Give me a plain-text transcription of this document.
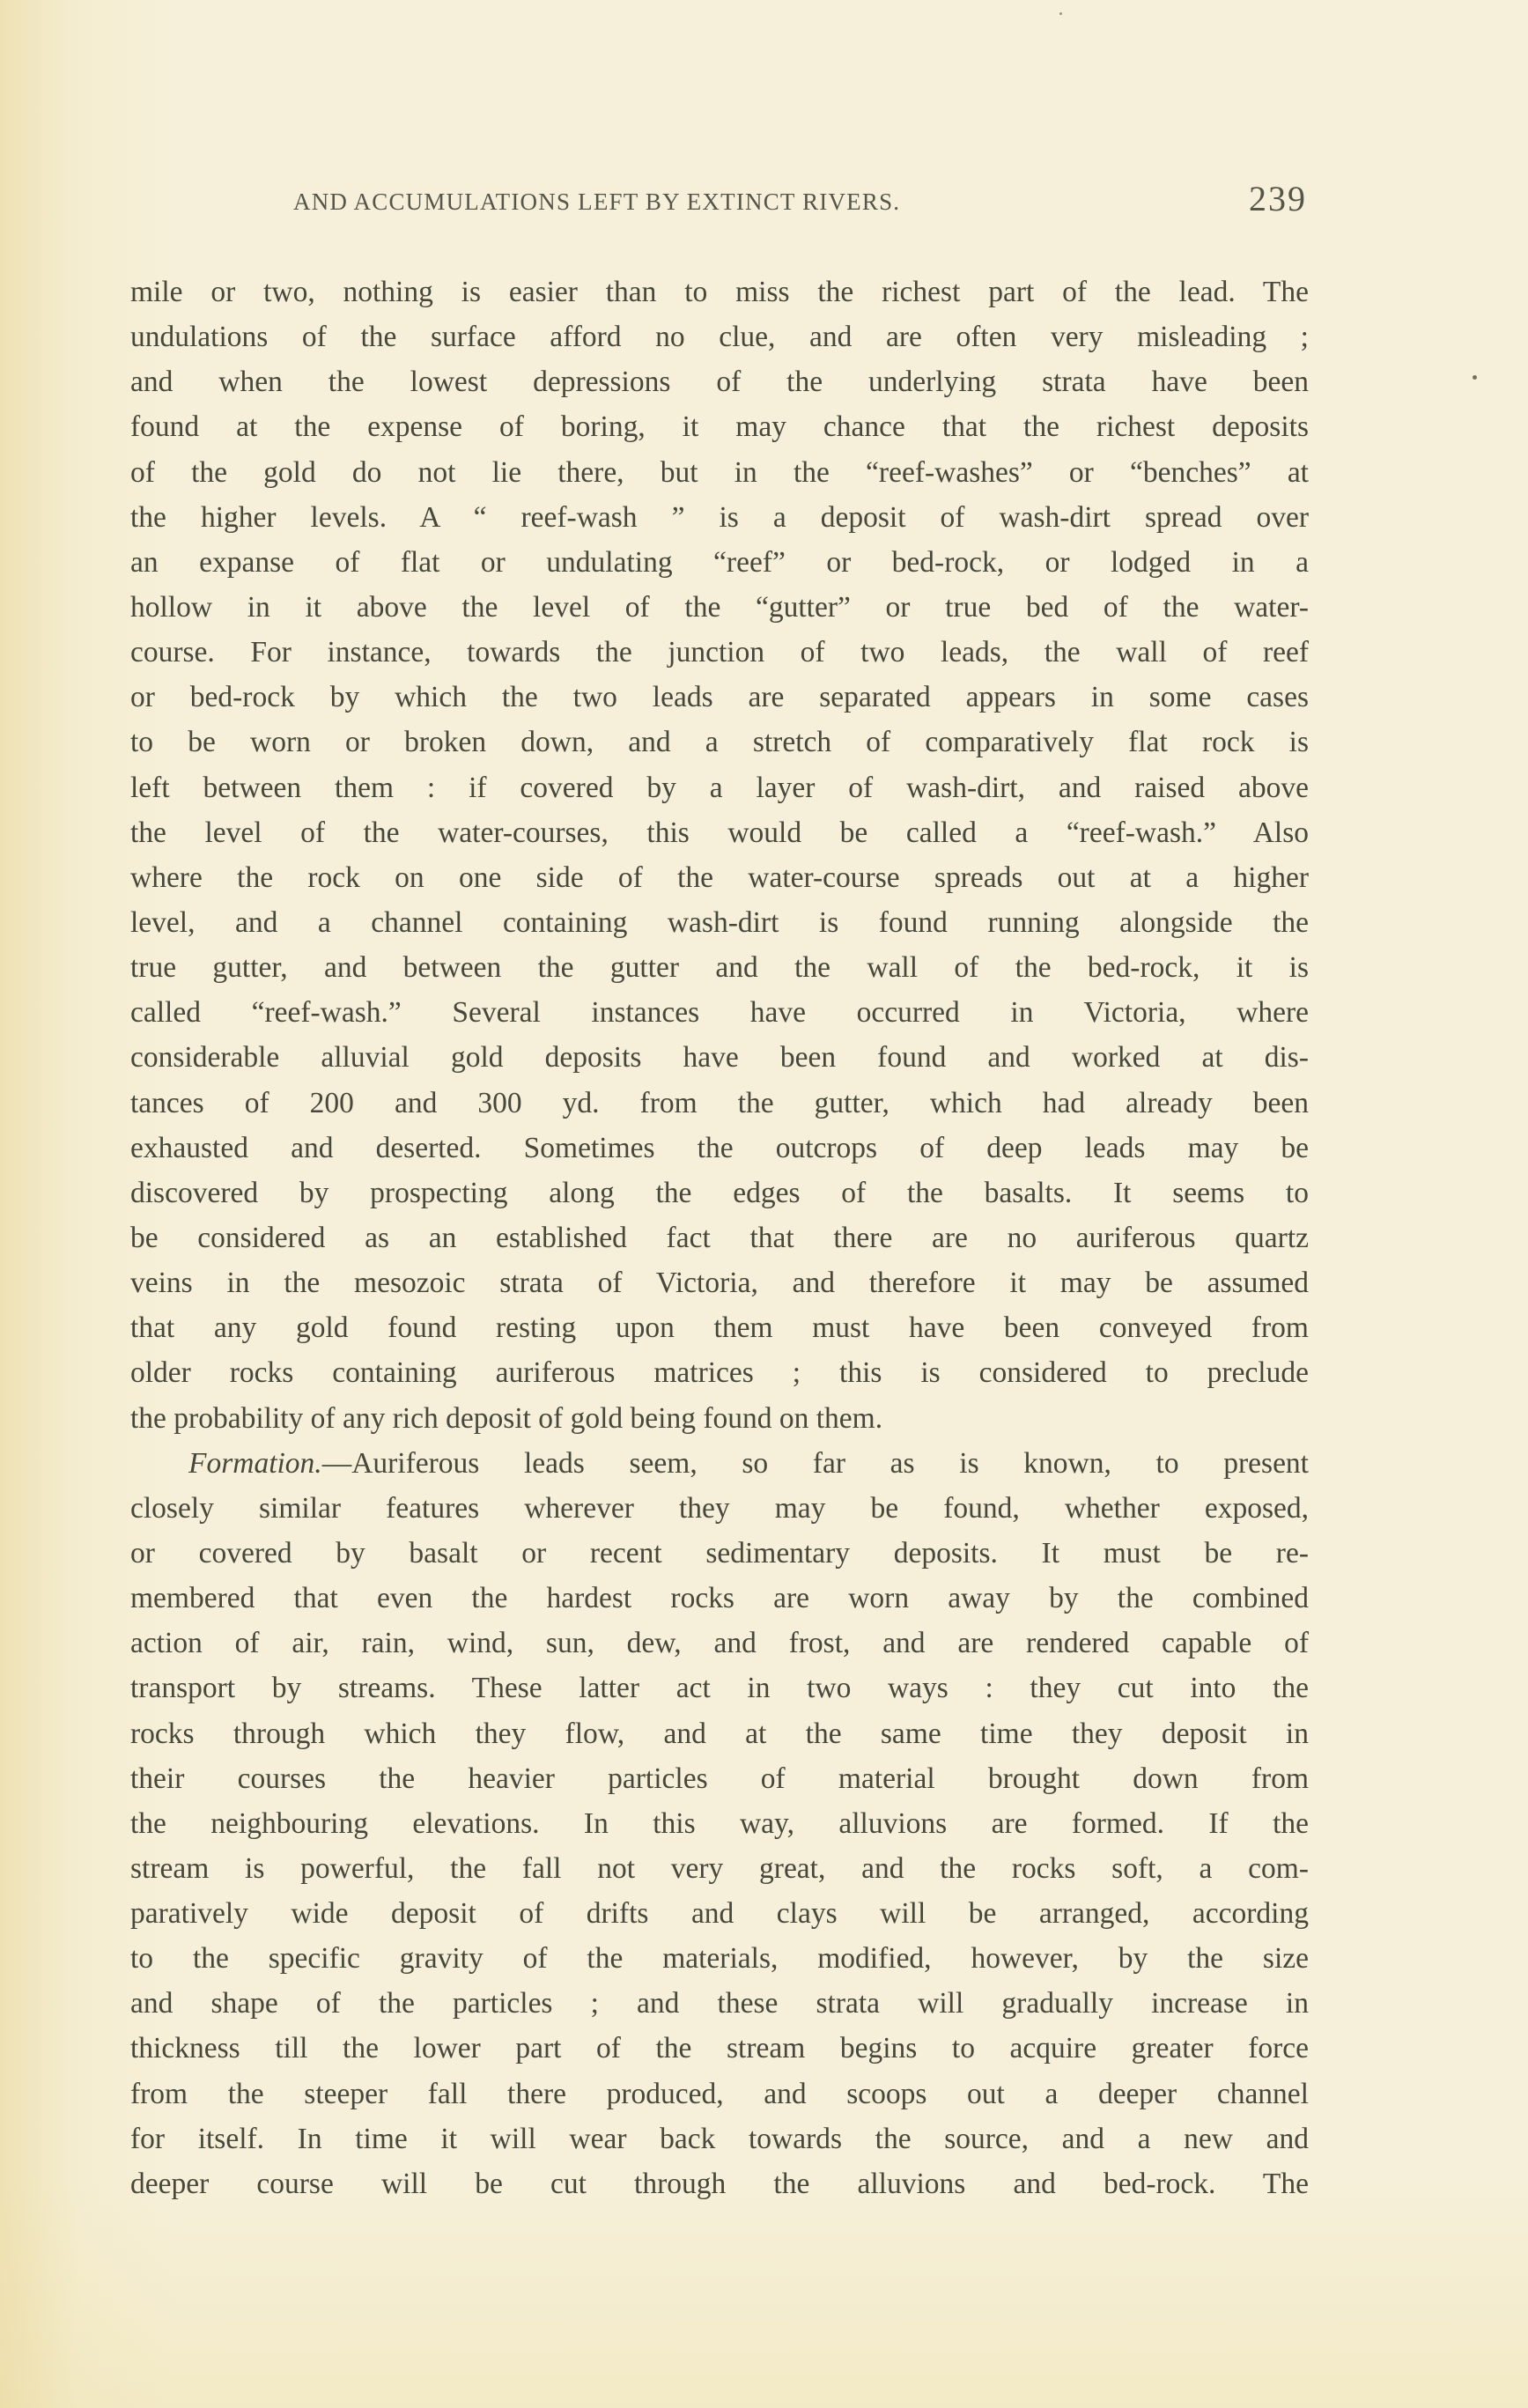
AND ACCUMULATIONS LEFT BY EXTINCT RIVERS.	239
mile or two, nothing is easier than to miss the richest part of the lead. The
undulations of the surface afford no clue, and are often very misleading ;
and when the lowest depressions of the underlying strata have been
found at the expense of boring, it may chance that the richest deposits
of the gold do not lie there, but in the “reef-washes” or “benches” at
the higher levels. A “ reef-wash ” is a deposit of wash-dirt spread over
an expanse of flat or undulating “reef” or bed-rock, or lodged in a
hollow in it above the level of the “gutter” or true bed of the water-
course. For instance, towards the junction of two leads, the wall of reef
or bed-rock by which the two leads are separated appears in some cases
to be worn or broken down, and a stretch of comparatively flat rock is
left between them : if covered by a layer of wash-dirt, and raised above
the level of the water-courses, this would be called a “reef-wash.” Also
where the rock on one side of the water-course spreads out at a higher
level, and a channel containing wash-dirt is found running alongside the
true gutter, and between the gutter and the wall of the bed-rock, it is
called “reef-wash.” Several instances have occurred in Victoria, where
considerable alluvial gold deposits have been found and worked at dis-
tances of 200 and 300 yd. from the gutter, which had already been
exhausted and deserted. Sometimes the outcrops of deep leads may be
discovered by prospecting along the edges of the basalts. It seems to
be considered as an established fact that there are no auriferous quartz
veins in the mesozoic strata of Victoria, and therefore it may be assumed
that any gold found resting upon them must have been conveyed from
older rocks containing auriferous matrices ; this is considered to preclude
the probability of any rich deposit of gold being found on them.
Formation.—Auriferous leads seem, so far as is known, to present
closely similar features wherever they may be found, whether exposed,
or covered by basalt or recent sedimentary deposits. It must be re-
membered that even the hardest rocks are worn away by the combined
action of air, rain, wind, sun, dew, and frost, and are rendered capable of
transport by streams. These latter act in two ways : they cut into the
rocks through which they flow, and at the same time they deposit in
their courses the heavier particles of material brought down from
the neighbouring elevations. In this way, alluvions are formed. If the
stream is powerful, the fall not very great, and the rocks soft, a com-
paratively wide deposit of drifts and clays will be arranged, according
to the specific gravity of the materials, modified, however, by the size
and shape of the particles ; and these strata will gradually increase in
thickness till the lower part of the stream begins to acquire greater force
from the steeper fall there produced, and scoops out a deeper channel
for itself. In time it will wear back towards the source, and a new and
deeper course will be cut through the alluvions and bed-rock. The
